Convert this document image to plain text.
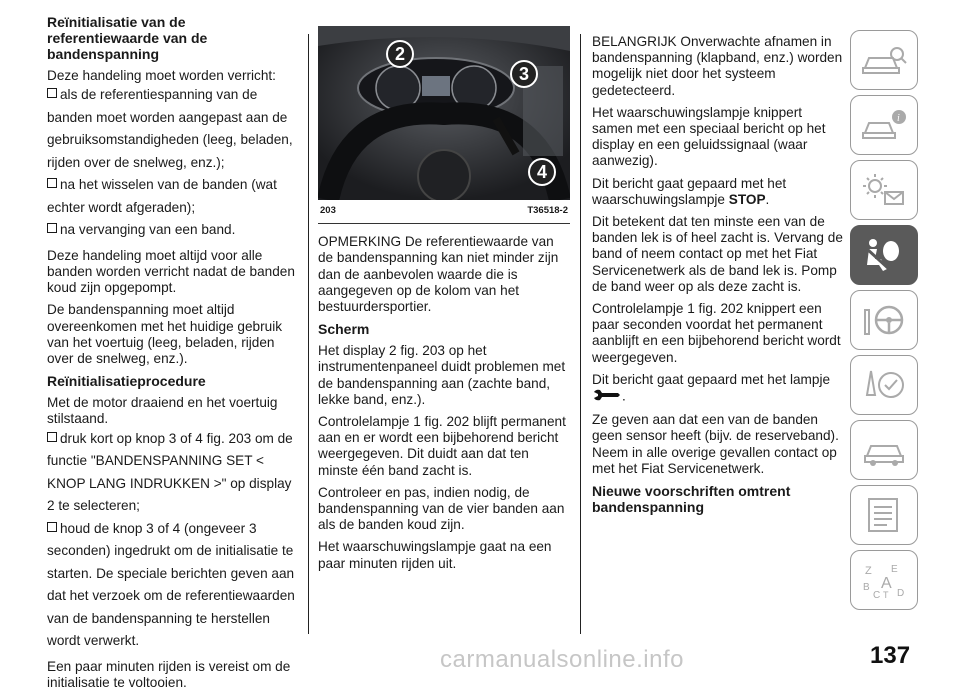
Reïnitialisatie van de referentiewaarde van de bandenspanning

Deze handeling moet worden verricht:

als de referentiespanning van de banden moet worden aangepast aan de gebruiksomstandigheden (leeg, beladen, rijden over de snelweg, enz.);
na het wisselen van de banden (wat echter wordt afgeraden);
na vervanging van een band.

Deze handeling moet altijd voor alle banden worden verricht nadat de banden koud zijn opgepompt.

De bandenspanning moet altijd overeenkomen met het huidige gebruik van het voertuig (leeg, beladen, rijden over de snelweg, enz.).

Reïnitialisatieprocedure

Met de motor draaiend en het voertuig stilstaand.

druk kort op knop 3 of 4 fig. 203 om de functie "BANDENSPANNING SET < KNOP LANG INDRUKKEN >" op display 2 te selecteren;
houd de knop 3 of 4 (ongeveer 3 seconden) ingedrukt om de initialisatie te starten. De speciale berichten geven aan dat het verzoek om de referentiewaarden van de bandenspanning te herstellen wordt verwerkt.

Een paar minuten rijden is vereist om de initialisatie te voltooien.

2
3
4
203	T36518-2

OPMERKING De referentiewaarde van de bandenspanning kan niet minder zijn dan de aanbevolen waarde die is aangegeven op de kolom van het bestuurdersportier.

Scherm

Het display 2 fig. 203 op het instrumentenpaneel duidt problemen met de bandenspanning aan (zachte band, lekke band, enz.).

Controlelampje 1 fig. 202 blijft permanent aan en er wordt een bijbehorend bericht weergegeven. Dit duidt aan dat ten minste één band zacht is.

Controleer en pas, indien nodig, de bandenspanning van de vier banden aan als de banden koud zijn.

Het waarschuwingslampje gaat na een paar minuten rijden uit.

BELANGRIJK Onverwachte afnamen in bandenspanning (klapband, enz.) worden mogelijk niet door het systeem gedetecteerd.

Het waarschuwingslampje knippert samen met een speciaal bericht op het display en een geluidssignaal (waar aanwezig).

Dit bericht gaat gepaard met het waarschuwingslampje STOP.

Dit betekent dat ten minste een van de banden lek is of heel zacht is. Vervang de band of neem contact op met het Fiat Servicenetwerk als de band lek is. Pomp de band weer op als deze zacht is.

Controlelampje 1 fig. 202 knippert een paar seconden voordat het permanent aanblijft en een bijbehorend bericht wordt weergegeven.

Dit bericht gaat gepaard met het lampje
.

Ze geven aan dat een van de banden geen sensor heeft (bijv. de reserveband). Neem in alle overige gevallen contact op met het Fiat Servicenetwerk.

Nieuwe voorschriften omtrent bandenspanning
i
Z E
B A
C T D
carmanualsonline.info	137
